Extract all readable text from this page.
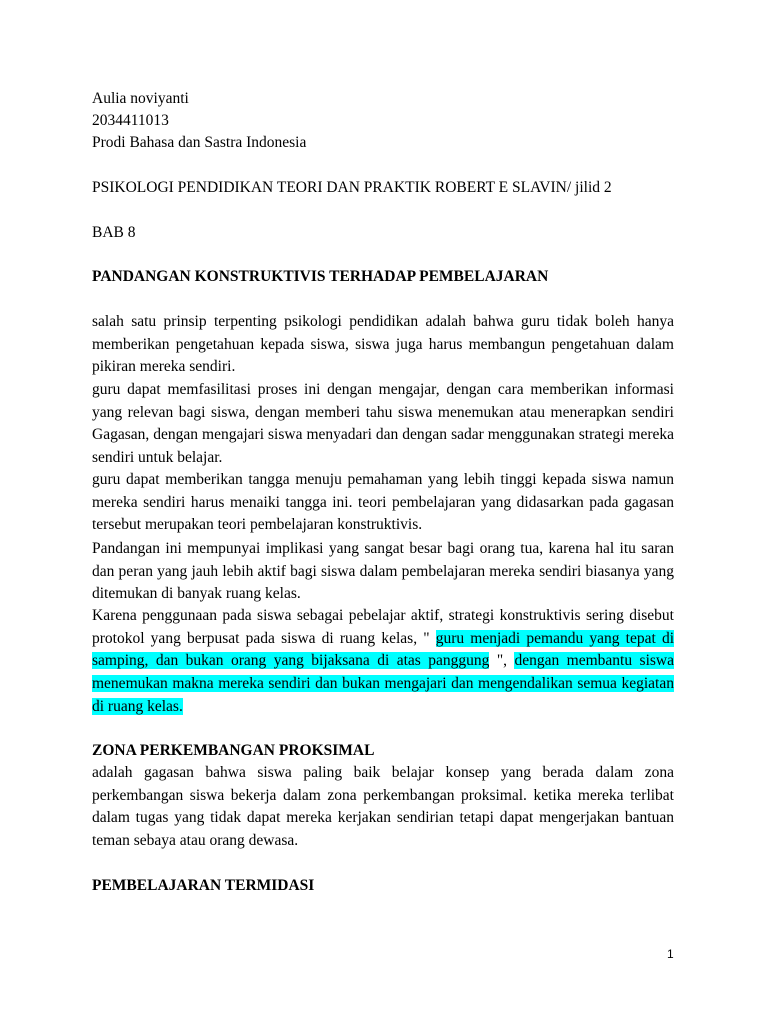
Aulia noviyanti
2034411013
Prodi Bahasa dan Sastra Indonesia
PSIKOLOGI PENDIDIKAN TEORI DAN PRAKTIK ROBERT E SLAVIN/ jilid 2
BAB 8
PANDANGAN KONSTRUKTIVIS TERHADAP PEMBELAJARAN
salah satu prinsip terpenting psikologi pendidikan adalah bahwa guru tidak boleh hanya memberikan pengetahuan kepada siswa, siswa juga harus membangun pengetahuan dalam pikiran mereka sendiri.
guru dapat memfasilitasi proses ini dengan mengajar, dengan cara memberikan informasi yang relevan bagi siswa, dengan memberi tahu siswa menemukan atau menerapkan sendiri Gagasan, dengan mengajari siswa menyadari dan dengan sadar menggunakan strategi mereka sendiri untuk belajar.
guru dapat memberikan tangga menuju pemahaman yang lebih tinggi kepada siswa namun mereka sendiri harus menaiki tangga ini. teori pembelajaran yang didasarkan pada gagasan tersebut merupakan teori pembelajaran konstruktivis.
Pandangan ini mempunyai implikasi yang sangat besar bagi orang tua, karena hal itu saran dan peran yang jauh lebih aktif bagi siswa dalam pembelajaran mereka sendiri biasanya yang ditemukan di banyak ruang kelas.
Karena penggunaan pada siswa sebagai pebelajar aktif, strategi konstruktivis sering disebut protokol yang berpusat pada siswa di ruang kelas, " guru menjadi pemandu yang tepat di samping, dan bukan orang yang bijaksana di atas panggung ", dengan membantu siswa menemukan makna mereka sendiri dan bukan mengajari dan mengendalikan semua kegiatan di ruang kelas.
ZONA PERKEMBANGAN PROKSIMAL
adalah gagasan bahwa siswa paling baik belajar konsep yang berada dalam zona perkembangan siswa bekerja dalam zona perkembangan proksimal. ketika mereka terlibat dalam tugas yang tidak dapat mereka kerjakan sendirian tetapi dapat mengerjakan bantuan teman sebaya atau orang dewasa.
PEMBELAJARAN TERMIDASI
1
